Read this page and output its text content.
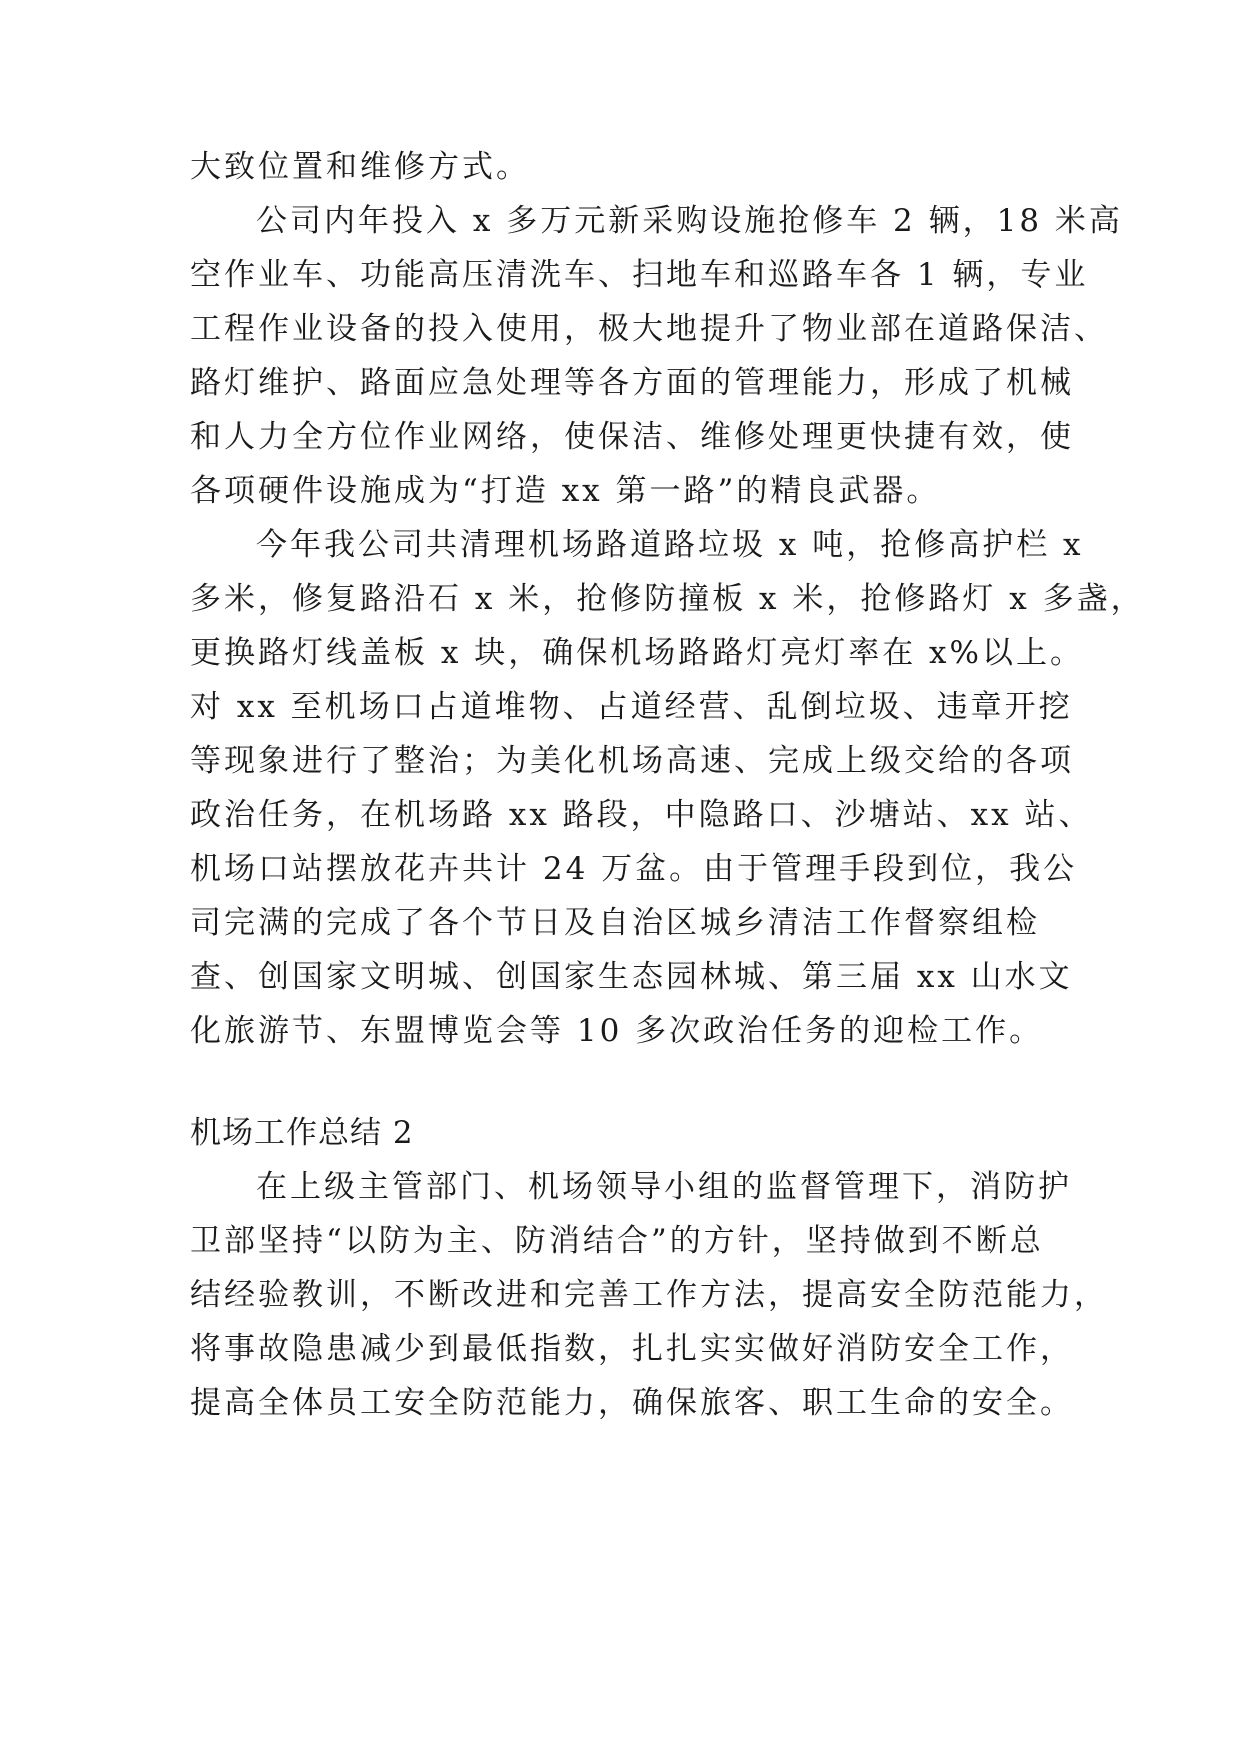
大致位置和维修方式。
公司内年投入 x 多万元新采购设施抢修车 2 辆，18 米高
空作业车、功能高压清洗车、扫地车和巡路车各 1 辆，专业
工程作业设备的投入使用，极大地提升了物业部在道路保洁、
路灯维护、路面应急处理等各方面的管理能力，形成了机械
和人力全方位作业网络，使保洁、维修处理更快捷有效，使
各项硬件设施成为“打造 xx 第一路”的精良武器。
今年我公司共清理机场路道路垃圾 x 吨，抢修高护栏 x
多米，修复路沿石 x 米，抢修防撞板 x 米，抢修路灯 x 多盏，
更换路灯线盖板 x 块，确保机场路路灯亮灯率在 x%以上。
对 xx 至机场口占道堆物、占道经营、乱倒垃圾、违章开挖
等现象进行了整治；为美化机场高速、完成上级交给的各项
政治任务，在机场路 xx 路段，中隐路口、沙塘站、xx 站、
机场口站摆放花卉共计 24 万盆。由于管理手段到位，我公
司完满的完成了各个节日及自治区城乡清洁工作督察组检
查、创国家文明城、创国家生态园林城、第三届 xx 山水文
化旅游节、东盟博览会等 10 多次政治任务的迎检工作。
机场工作总结 2
在上级主管部门、机场领导小组的监督管理下，消防护
卫部坚持“以防为主、防消结合”的方针，坚持做到不断总
结经验教训，不断改进和完善工作方法，提高安全防范能力，
将事故隐患减少到最低指数，扎扎实实做好消防安全工作，
提高全体员工安全防范能力，确保旅客、职工生命的安全。
